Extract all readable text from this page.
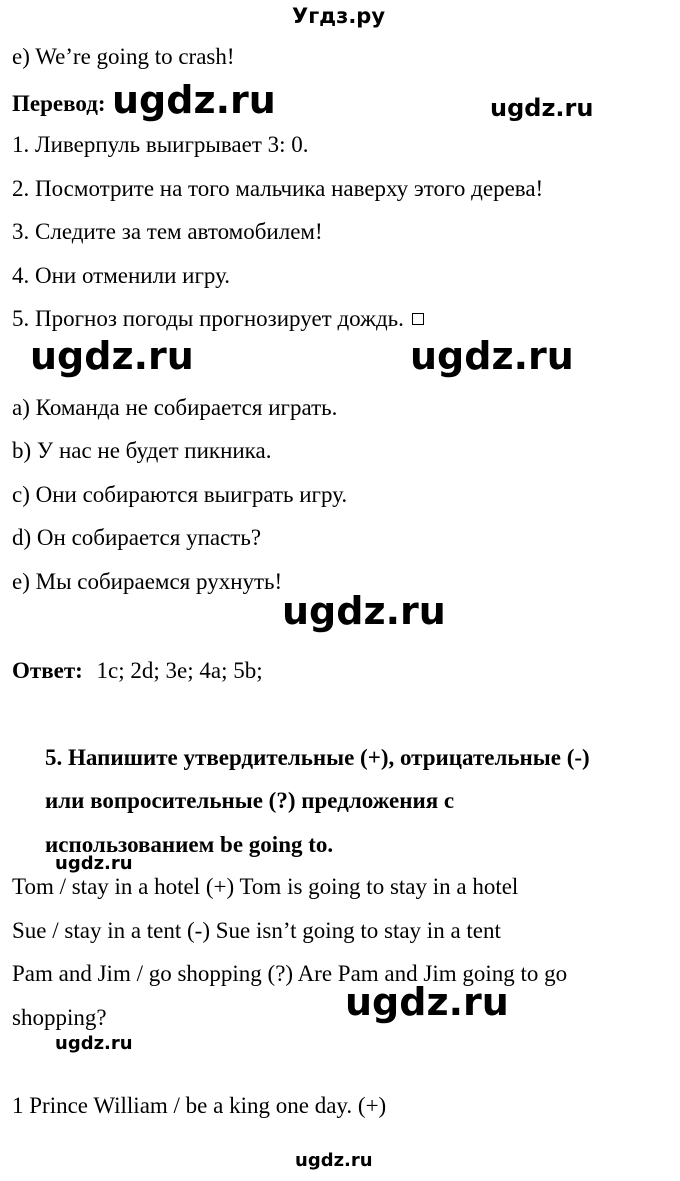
Угдз.ру
e) We’re going to crash!
Перевод: ugdz.ru	ugdz.ru
1. Ливерпуль выигрывает 3: 0.
2. Посмотрите на того мальчика наверху этого дерева!
3. Следите за тем автомобилем!
4. Они отменили игру.
5. Прогноз погоды прогнозирует дождь.
ugdz.ru	ugdz.ru
a) Команда не собирается играть.
b) У нас не будет пикника.
c) Они собираются выиграть игру.
d) Он собирается упасть?
e) Мы собираемся рухнуть!
ugdz.ru
Ответ: 1c; 2d; 3e; 4a; 5b;
5. Напишите утвердительные (+), отрицательные (-)
или вопросительные (?) предложения с
использованием be going to.
ugdz.ru
Tom / stay in a hotel (+) Tom is going to stay in a hotel
Sue / stay in a tent (-) Sue isn’t going to stay in a tent
Pam and Jim / go shopping (?) Are Pam and Jim going to go
shopping?	ugdz.ru
ugdz.ru
1 Prince William / be a king one day. (+)
ugdz.ru
